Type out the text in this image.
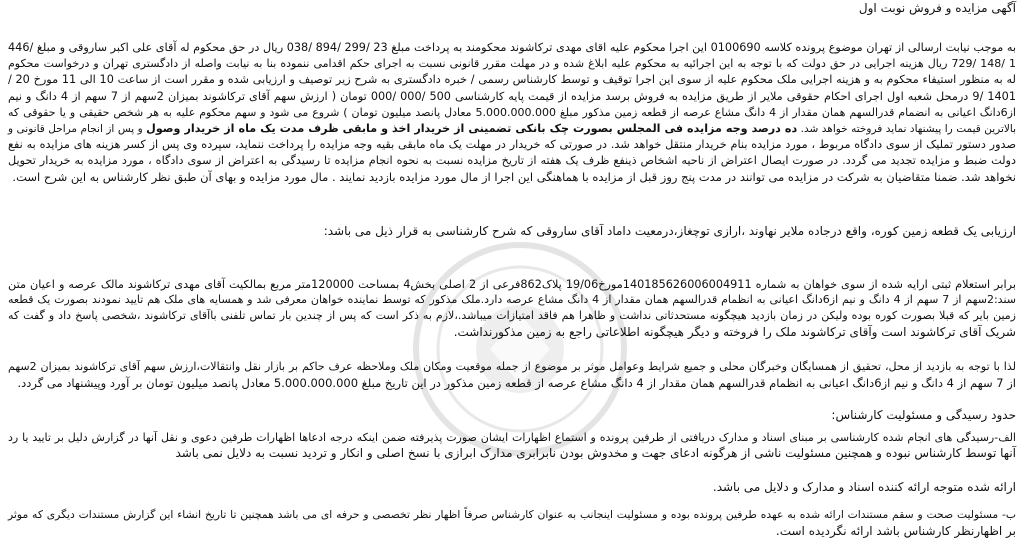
آگهی مزایده و فروش نوبت اول
به موجب نیابت ارسالی از تهران موضوع پرونده کلاسه 0100690 این اجرا محکوم علیه اقای مهدی ترکاشوند محکومند به پرداخت مبلغ 23 /299 /894 /038 ریال در حق محکوم له آقای علی اکبر ساروقی و مبلغ /446
1 /148 /729 ریال هزینه اجرایی در حق دولت که با توجه به این اجرائیه به محکوم علیه ابلاغ شده و در مهلت مقرر قانونی نسبت به اجرای حکم اقدامی ننموده بنا به نیابت واصله از دادگستری تهران و درخواست محکوم
له به منظور استیفاء محکوم به و هزینه اجرایی ملک محکوم علیه از سوی این اجرا توقیف و توسط کارشناس رسمی / خبره دادگستری به شرح زیر توصیف و ارزیابی شده و مقرر است از ساعت 10 الی 11 مورخ 20 /
1401 /9 درمحل شعبه اول اجرای احکام حقوقی ملایر از طریق مزایده به فروش برسد مزایده از قیمت پایه کارشناسی 500 /000 /000 تومان ( ارزش سهم آقای ترکاشوند بمیزان 2سهم از 7 سهم از 4 دانگ و نیم
از6دانگ اعیانی به انضمام قدرالسهم همان مقدار از 4 دانگ مشاع عرصه از قطعه زمین مذکور مبلغ 5.000.000.000 معادل پانصد میلیون تومان ) شروع می شود و سهم محکوم علیه به هر شخص حقیقی و یا حقوقی که
بالاترین قیمت را پیشنهاد نماید فروخته خواهد شد. ده درصد وجه مزایده فی المجلس بصورت چک بانکی تضمینی از خریدار اخذ و مابقی ظرف مدت یک ماه از خریدار وصول و پس از انجام مراحل قانونی و
صدور دستور تملیک از سوی دادگاه مربوط ، مورد مزایده بنام خریدار منتقل خواهد شد. در صورتی که خریدار در مهلت یک ماه مابقی بقیه وجه مزایده را پرداخت ننماید، سپرده وی پس از کسر هزینه های مزایده به نفع
دولت ضبط و مزایده تجدید می گردد. در صورت ایصال اعتراض از ناحیه اشخاص ذینفع ظرف یک هفته از تاریخ مزایده نسبت به نحوه انجام مزایده تا رسیدگی به اعتراض از سوی دادگاه ، مورد مزایده به خریدار تحویل
نخواهد شد. ضمنا متقاضیان به شرکت در مزایده می توانند در مدت پنج روز قبل از مزایده با هماهنگی این اجرا از مال مورد مزایده بازدید نمایند . مال مورد مزایده و بهای آن طبق نظر کارشناس به این شرح است.
ارزیابی یک قطعه زمین کوره، واقع درجاده ملایر نهاوند ،ارازی توچغاز،درمعیت داماد آقای ساروقی که شرح کارشناسی به قرار ذیل می باشد:
برابر استعلام ثبتی ارایه شده از سوی خواهان به شماره 140185626006004911مورخ19/06 پلاک862فرعی از 2 اصلی بخش4 بمساحت 120000متر مربع بمالکیت آقای مهدی ترکاشوند مالک عرصه و اعیان متن
سند:2سهم از 7 سهم از 4 دانگ و نیم از6دانگ اعیانی به انظمام قدرالسهم همان مقدار از 4 دانگ مشاع عرصه دارد.ملک مذکور که توسط نماینده خواهان معرفی شد و همسایه های ملک هم تایید نمودند بصورت یک قطعه
زمین بایر که قبلا بصورت کوره بوده ولیکن در زمان بازدید هیچگونه مستحدثاتی نداشت و ظاهرا هم فاقد امتیازات میباشد.،لازم به ذکر است که پس از چندین بار تماس تلفنی باآقای ترکاشوند ،شخصی پاسخ داد و گفت که
شریک آقای ترکاشوند است وآقای ترکاشوند ملک را فروخته و دیگر هیچگونه اطلاعاتی راجع به زمین مذکورنداشت.
لذا با توجه به بازدید از محل، تحقیق از همسایگان وخبرگان محلی و جمیع شرایط وعوامل موثر بر موضوع از جمله موقعیت ومکان ملک وملاحظه عرف حاکم بر بازار نقل وانتقالات،ارزش سهم آقای ترکاشوند بمیزان 2سهم
از 7 سهم از 4 دانگ و نیم از6دانگ اعیانی به انظمام قدرالسهم همان مقدار از 4 دانگ مشاع عرصه از قطعه زمین مذکور در این تاریخ مبلغ 5.000.000.000 معادل پانصد میلیون تومان بر آورد وپیشنهاد می گردد.
حدود رسیدگی و مسئولیت کارشناس:
الف-رسیدگی های انجام شده کارشناسی بر مبنای اسناد و مدارک دریافتی از طرفین پرونده و استماع اظهارات ایشان صورت پذیرفته ضمن اینکه درجه ادعاها اظهارات طرفین دعوی و نقل آنها در گزارش دلیل بر تایید یا رد
آنها توسط کارشناس نبوده و همچنین مسئولیت ناشی از هرگونه ادعای جهت و مخدوش بودن نابرابری مدارک ابرازی با نسخ اصلی و انکار و تردید نسبت به دلایل نمی باشد
ارائه شده متوجه ارائه کننده اسناد و مدارک و دلایل می باشد.
ب- مسئولیت صحت و سقم مستندات ارائه شده به عهده طرفین پرونده بوده و مسئولیت اینجانب به عنوان کارشناس صرفاً اظهار نظر تخصصی و حرفه ای می باشد همچنین تا تاریخ انشاء این گزارش مستندات دیگری که موثر
بر اظهارنظر کارشناس باشد ارائه نگردیده است.
